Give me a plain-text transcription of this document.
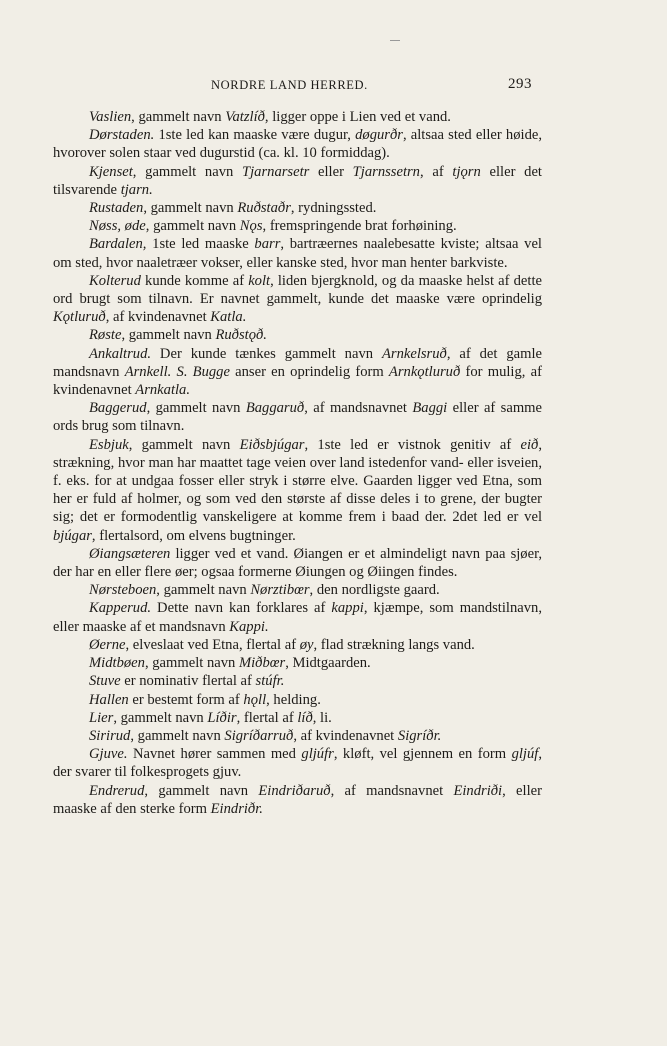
NORDRE LAND HERRED.	293

Vaslien, gammelt navn Vatzlíð, ligger oppe i Lien ved et vand.

Dørstaden. 1ste led kan maaske være dugur, døgurðr, altsaa sted eller høide, hvorover solen staar ved dugurstid (ca. kl. 10 formiddag).

Kjenset, gammelt navn Tjarnarsetr eller Tjarnssetrn, af tjǫrn eller det tilsvarende tjarn.

Rustaden, gammelt navn Ruðstaðr, rydningssted.

Nøss, øde, gammelt navn Nǫs, fremspringende brat forhøining.

Bardalen, 1ste led maaske barr, bartræernes naalebesatte kviste; altsaa vel om sted, hvor naaletræer vokser, eller kanske sted, hvor man henter barkviste.

Kolterud kunde komme af kolt, liden bjergknold, og da maaske helst af dette ord brugt som tilnavn. Er navnet gammelt, kunde det maaske være oprindelig Kǫtluruð, af kvindenavnet Katla.

Røste, gammelt navn Ruðstǫð.

Ankaltrud. Der kunde tænkes gammelt navn Arnkelsruð, af det gamle mandsnavn Arnkell. S. Bugge anser en oprindelig form Arnkǫtluruð for mulig, af kvindenavnet Arnkatla.

Baggerud, gammelt navn Baggaruð, af mandsnavnet Baggi eller af samme ords brug som tilnavn.

Esbjuk, gammelt navn Eiðsbjúgar, 1ste led er vistnok genitiv af eið, strækning, hvor man har maattet tage veien over land istedenfor vand- eller isveien, f. eks. for at undgaa fosser eller stryk i større elve. Gaarden ligger ved Etna, som her er fuld af holmer, og som ved den største af disse deles i to grene, der bugter sig; det er formodentlig vanskeligere at komme frem i baad der. 2det led er vel bjúgar, flertalsord, om elvens bugtninger.

Øiangsæteren ligger ved et vand. Øiangen er et almindeligt navn paa sjøer, der har en eller flere øer; ogsaa formerne Øiungen og Øiingen findes.

Nørsteboen, gammelt navn Nørztibœr, den nordligste gaard.

Kapperud. Dette navn kan forklares af kappi, kjæmpe, som mandstilnavn, eller maaske af et mandsnavn Kappi.

Øerne, elveslaat ved Etna, flertal af øy, flad strækning langs vand.

Midtbøen, gammelt navn Miðbœr, Midtgaarden.

Stuve er nominativ flertal af stúfr.

Hallen er bestemt form af hǫll, helding.

Lier, gammelt navn Líðir, flertal af líð, li.

Sirirud, gammelt navn Sigríðarruð, af kvindenavnet Sigríðr.

Gjuve. Navnet hører sammen med gljúfr, kløft, vel gjennem en form gljúf, der svarer til folkesprogets gjuv.

Endrerud, gammelt navn Eindriðaruð, af mandsnavnet Eindriði, eller maaske af den sterke form Eindriðr.
